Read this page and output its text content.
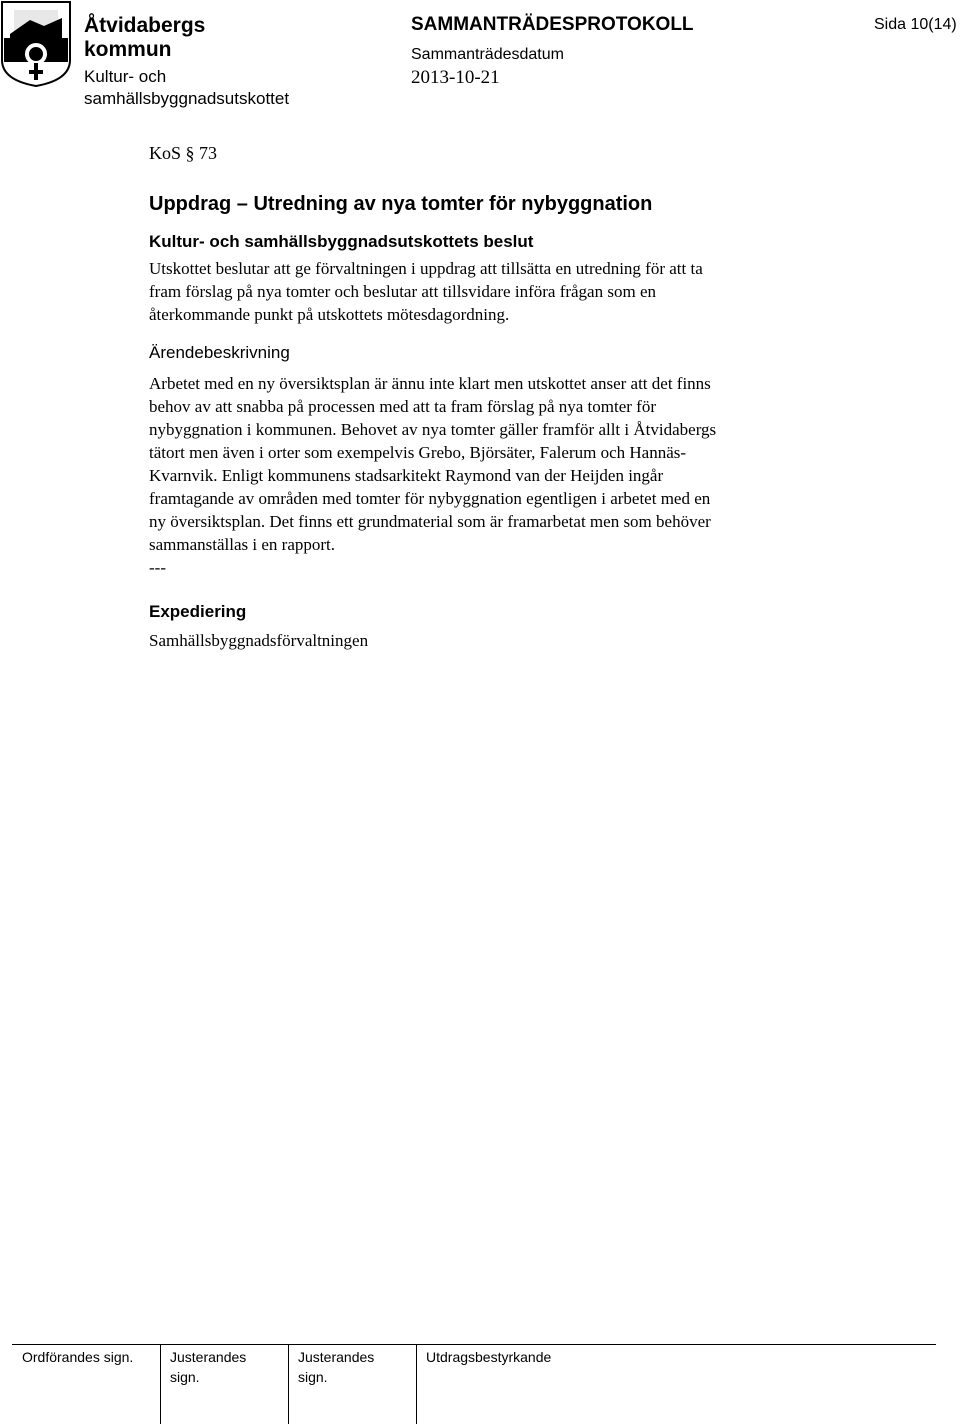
Åtvidabergs
kommun
Kultur- och
samhällsbyggnadsutskottet
SAMMANTRÄDESPROTOKOLL
Sammanträdesdatum
2013-10-21
Sida 10(14)

KoS § 73

Uppdrag – Utredning av nya tomter för nybyggnation

Kultur- och samhällsbyggnadsutskottets beslut

Utskottet beslutar att ge förvaltningen i uppdrag att tillsätta en utredning för att ta

fram förslag på nya tomter och beslutar att tillsvidare införa frågan som en

återkommande punkt på utskottets mötesdagordning.

Ärendebeskrivning

Arbetet med en ny översiktsplan är ännu inte klart men utskottet anser att det finns

behov av att snabba på processen med att ta fram förslag på nya tomter för

nybyggnation i kommunen. Behovet av nya tomter gäller framför allt i Åtvidabergs

tätort men även i orter som exempelvis Grebo, Björsäter, Falerum och Hannäs-

Kvarnvik. Enligt kommunens stadsarkitekt Raymond van der Heijden ingår

framtagande av områden med tomter för nybyggnation egentligen i arbetet med en

ny översiktsplan. Det finns ett grundmaterial som är framarbetat men som behöver

sammanställas i en rapport.

---

Expediering

Samhällsbyggnadsförvaltningen

Ordförandes sign.	Justerandes
sign.
Justerandes
sign.
Utdragsbestyrkande
